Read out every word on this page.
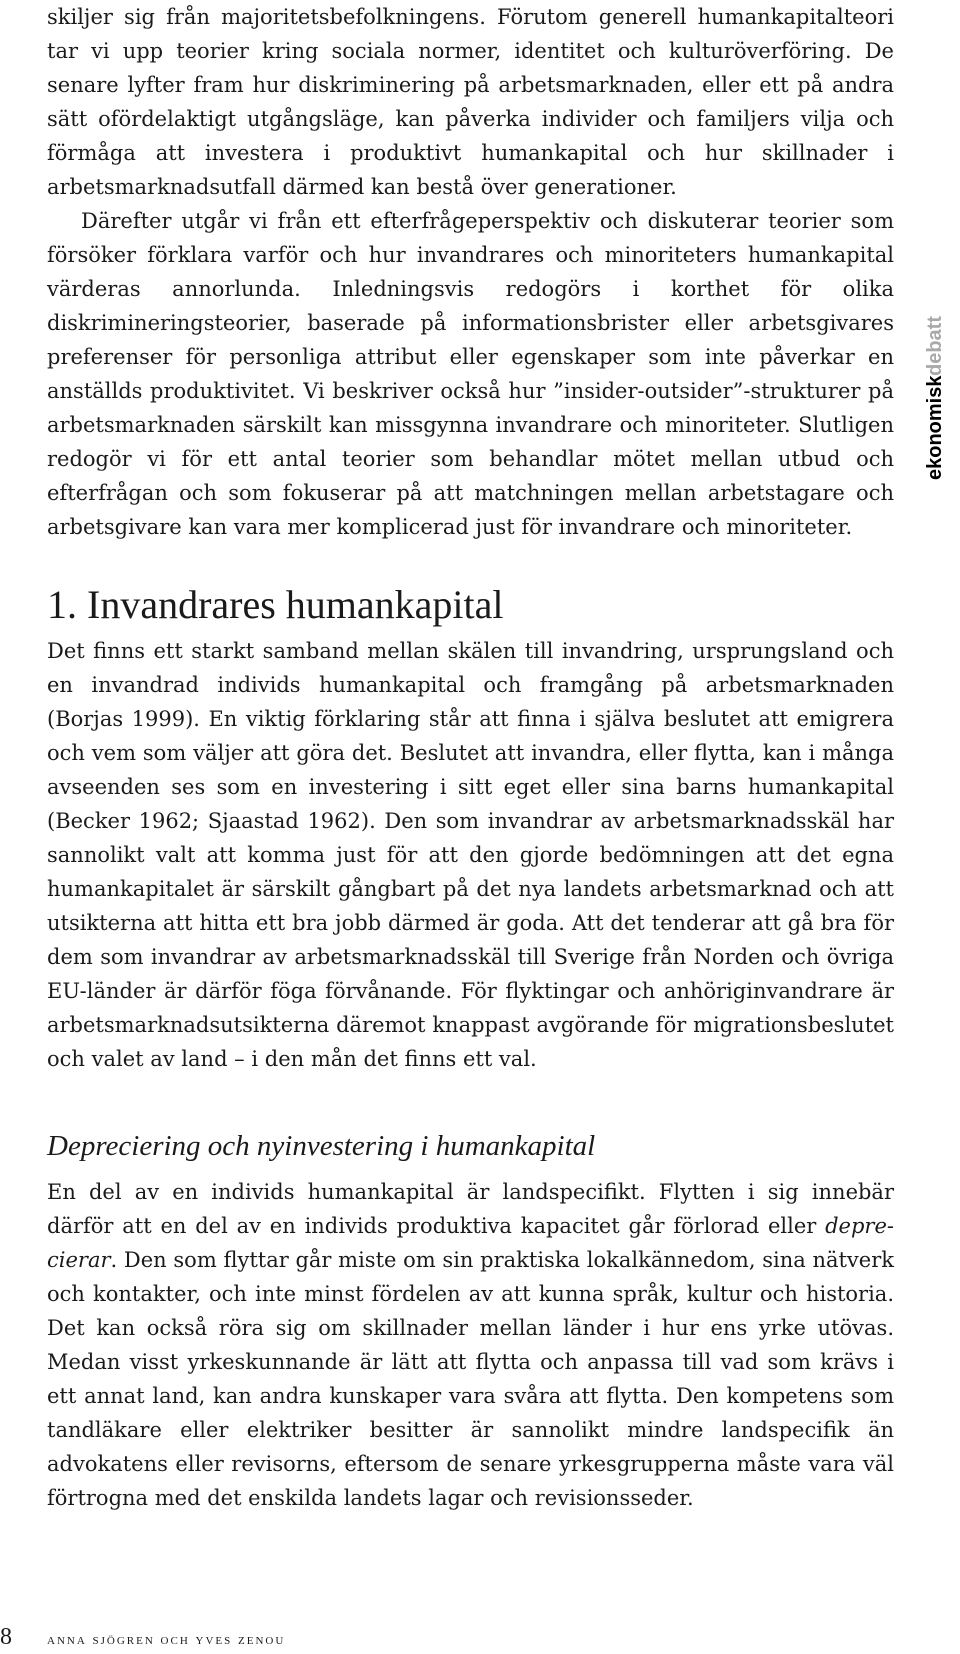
skiljer sig från majoritetsbefolkningens. Förutom generell humankapitalteori tar vi upp teorier kring sociala normer, identitet och kulturöverföring. De senare lyfter fram hur diskriminering på arbetsmarknaden, eller ett på andra sätt ofördelaktigt utgångsläge, kan påverka individer och familjers vilja och förmåga att investera i produktivt humankapital och hur skillnader i arbetsmarknadsutfall därmed kan bestå över generationer.

Därefter utgår vi från ett efterfrågeperspektiv och diskuterar teorier som försöker förklara varför och hur invandrares och minoriteters humankapital värderas annorlunda. Inledningsvis redogörs i korthet för olika diskrimineringsteorier, baserade på informationsbrister eller arbetsgivares preferenser för personliga attribut eller egenskaper som inte påverkar en anställds produktivitet. Vi beskriver också hur ”insider-outsider”-strukturer på arbetsmarknaden särskilt kan missgynna invandrare och minoriteter. Slutligen redogör vi för ett antal teorier som behandlar mötet mellan utbud och efterfrågan och som fokuserar på att matchningen mellan arbetstagare och arbetsgivare kan vara mer komplicerad just för invandrare och minoriteter.

1. Invandrares humankapital

Det finns ett starkt samband mellan skälen till invandring, ursprungsland och en invandrad individs humankapital och framgång på arbetsmarknaden (Borjas 1999). En viktig förklaring står att finna i själva beslutet att emigrera och vem som väljer att göra det. Beslutet att invandra, eller flytta, kan i många avseenden ses som en investering i sitt eget eller sina barns humankapital (Becker 1962; Sjaastad 1962). Den som invandrar av arbetsmarknadsskäl har sannolikt valt att komma just för att den gjorde bedömningen att det egna humankapitalet är särskilt gångbart på det nya landets arbetsmarknad och att utsikterna att hitta ett bra jobb därmed är goda. Att det tenderar att gå bra för dem som invandrar av arbetsmarknadsskäl till Sverige från Norden och övriga EU-länder är därför föga förvånande. För flyktingar och anhöriginvandrare är arbetsmarknadsutsikterna däremot knappast avgörande för migrationsbeslutet och valet av land – i den mån det finns ett val.

Depreciering och nyinvestering i humankapital

En del av en individs humankapital är landspecifikt. Flytten i sig innebär därför att en del av en individs produktiva kapacitet går förlorad eller deprecierar. Den som flyttar går miste om sin praktiska lokalkännedom, sina nätverk och kontakter, och inte minst fördelen av att kunna språk, kultur och historia. Det kan också röra sig om skillnader mellan länder i hur ens yrke utövas. Medan visst yrkeskunnande är lätt att flytta och anpassa till vad som krävs i ett annat land, kan andra kunskaper vara svåra att flytta. Den kompetens som tandläkare eller elektriker besitter är sannolikt mindre landspecifik än advokatens eller revisorns, eftersom de senare yrkesgrupperna måste vara väl förtrogna med det enskilda landets lagar och revisionsseder.

ekonomisk
debatt
8 anna sjögren och yves zenou
